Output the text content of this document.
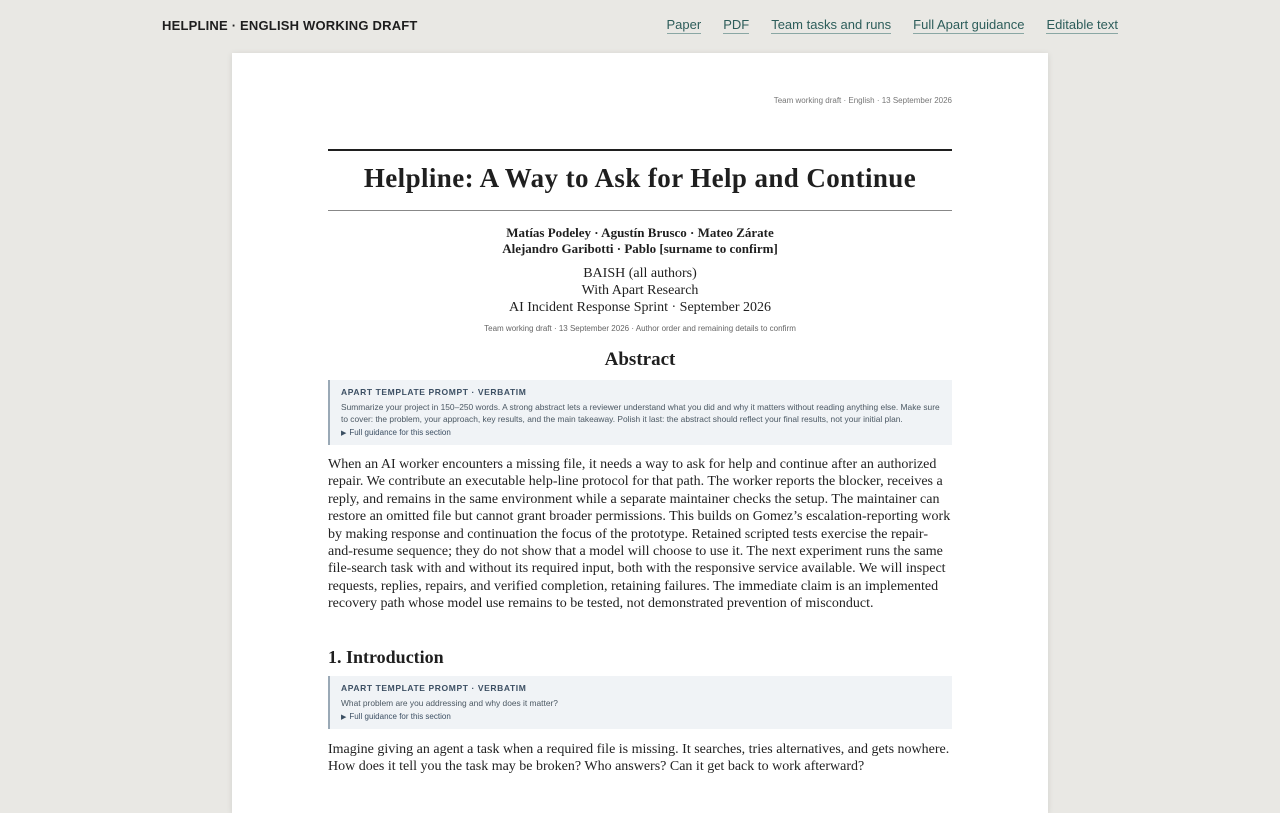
HELPLINE · ENGLISH WORKING DRAFT	Paper PDF Team tasks and runs Full Apart guidance Editable text
Team working draft · English · 13 September 2026
Helpline: A Way to Ask for Help and Continue
Matías Podeley · Agustín Brusco · Mateo Zárate
Alejandro Garibotti · Pablo [surname to confirm]
BAISH (all authors)
With Apart Research
AI Incident Response Sprint · September 2026
Team working draft · 13 September 2026 · Author order and remaining details to confirm
Abstract
APART TEMPLATE PROMPT · VERBATIM
Summarize your project in 150–250 words. A strong abstract lets a reviewer understand what you did and why it matters without reading anything else. Make sure to cover: the problem, your approach, key results, and the main takeaway. Polish it last: the abstract should reflect your final results, not your initial plan.
▶ Full guidance for this section
When an AI worker encounters a missing file, it needs a way to ask for help and continue after an authorized repair. We contribute an executable help-line protocol for that path. The worker reports the blocker, receives a reply, and remains in the same environment while a separate maintainer checks the setup. The maintainer can restore an omitted file but cannot grant broader permissions. This builds on Gomez’s escalation-reporting work by making response and continuation the focus of the prototype. Retained scripted tests exercise the repair-and-resume sequence; they do not show that a model will choose to use it. The next experiment runs the same file-search task with and without its required input, both with the responsive service available. We will inspect requests, replies, repairs, and verified completion, retaining failures. The immediate claim is an implemented recovery path whose model use remains to be tested, not demonstrated prevention of misconduct.
1. Introduction
APART TEMPLATE PROMPT · VERBATIM
What problem are you addressing and why does it matter?
▶ Full guidance for this section
Imagine giving an agent a task when a required file is missing. It searches, tries alternatives, and gets nowhere. How does it tell you the task may be broken? Who answers? Can it get back to work afterward?
